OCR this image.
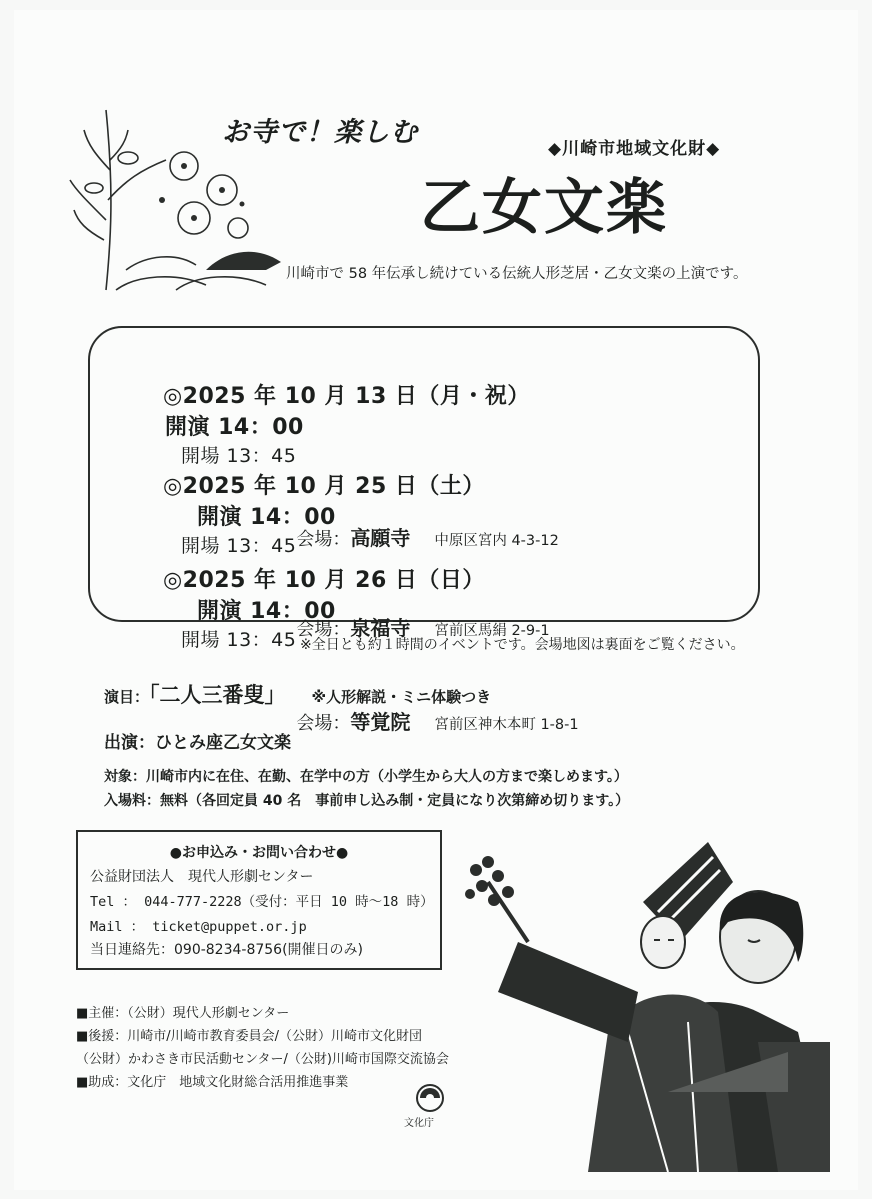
お寺で！楽しむ
◆川崎市地域文化財◆
乙女文楽
川崎市で 58 年伝承し続けている伝統人形芝居・乙女文楽の上演です。

◎2025 年 10 月 13 日（月・祝）
開演 14：00
開場 13：45

会場：高願寺 中原区宮内 4-3-12

◎2025 年 10 月 25 日（土）
開演 14：00
開場 13：45

会場：泉福寺 宮前区馬絹 2-9-1

◎2025 年 10 月 26 日（日）
開演 14：00
開場 13：45

会場：等覚院 宮前区神木本町 1-8-1

※全日とも約１時間のイベントです。会場地図は裏面をご覧ください。
演目：「二人三番叟」 ※人形解説・ミニ体験つき
出演：ひとみ座乙女文楽
対象：川崎市内に在住、在勤、在学中の方（小学生から大人の方まで楽しめます。）
入場料：無料（各回定員 40 名　事前申し込み制・定員になり次第締め切ります。）
●お申込み・お問い合わせ●
公益財団法人　現代人形劇センター
Tel ： 044-777-2228（受付：平日 10 時～18 時）
Mail ： ticket@puppet.or.jp
当日連絡先：090-8234-8756(開催日のみ)
■主催：（公財）現代人形劇センター
■後援：川崎市/川崎市教育委員会/（公財）川崎市文化財団
（公財）かわさき市民活動センター/（公財)川崎市国際交流協会
■助成：文化庁　地域文化財総合活用推進事業
文化庁
